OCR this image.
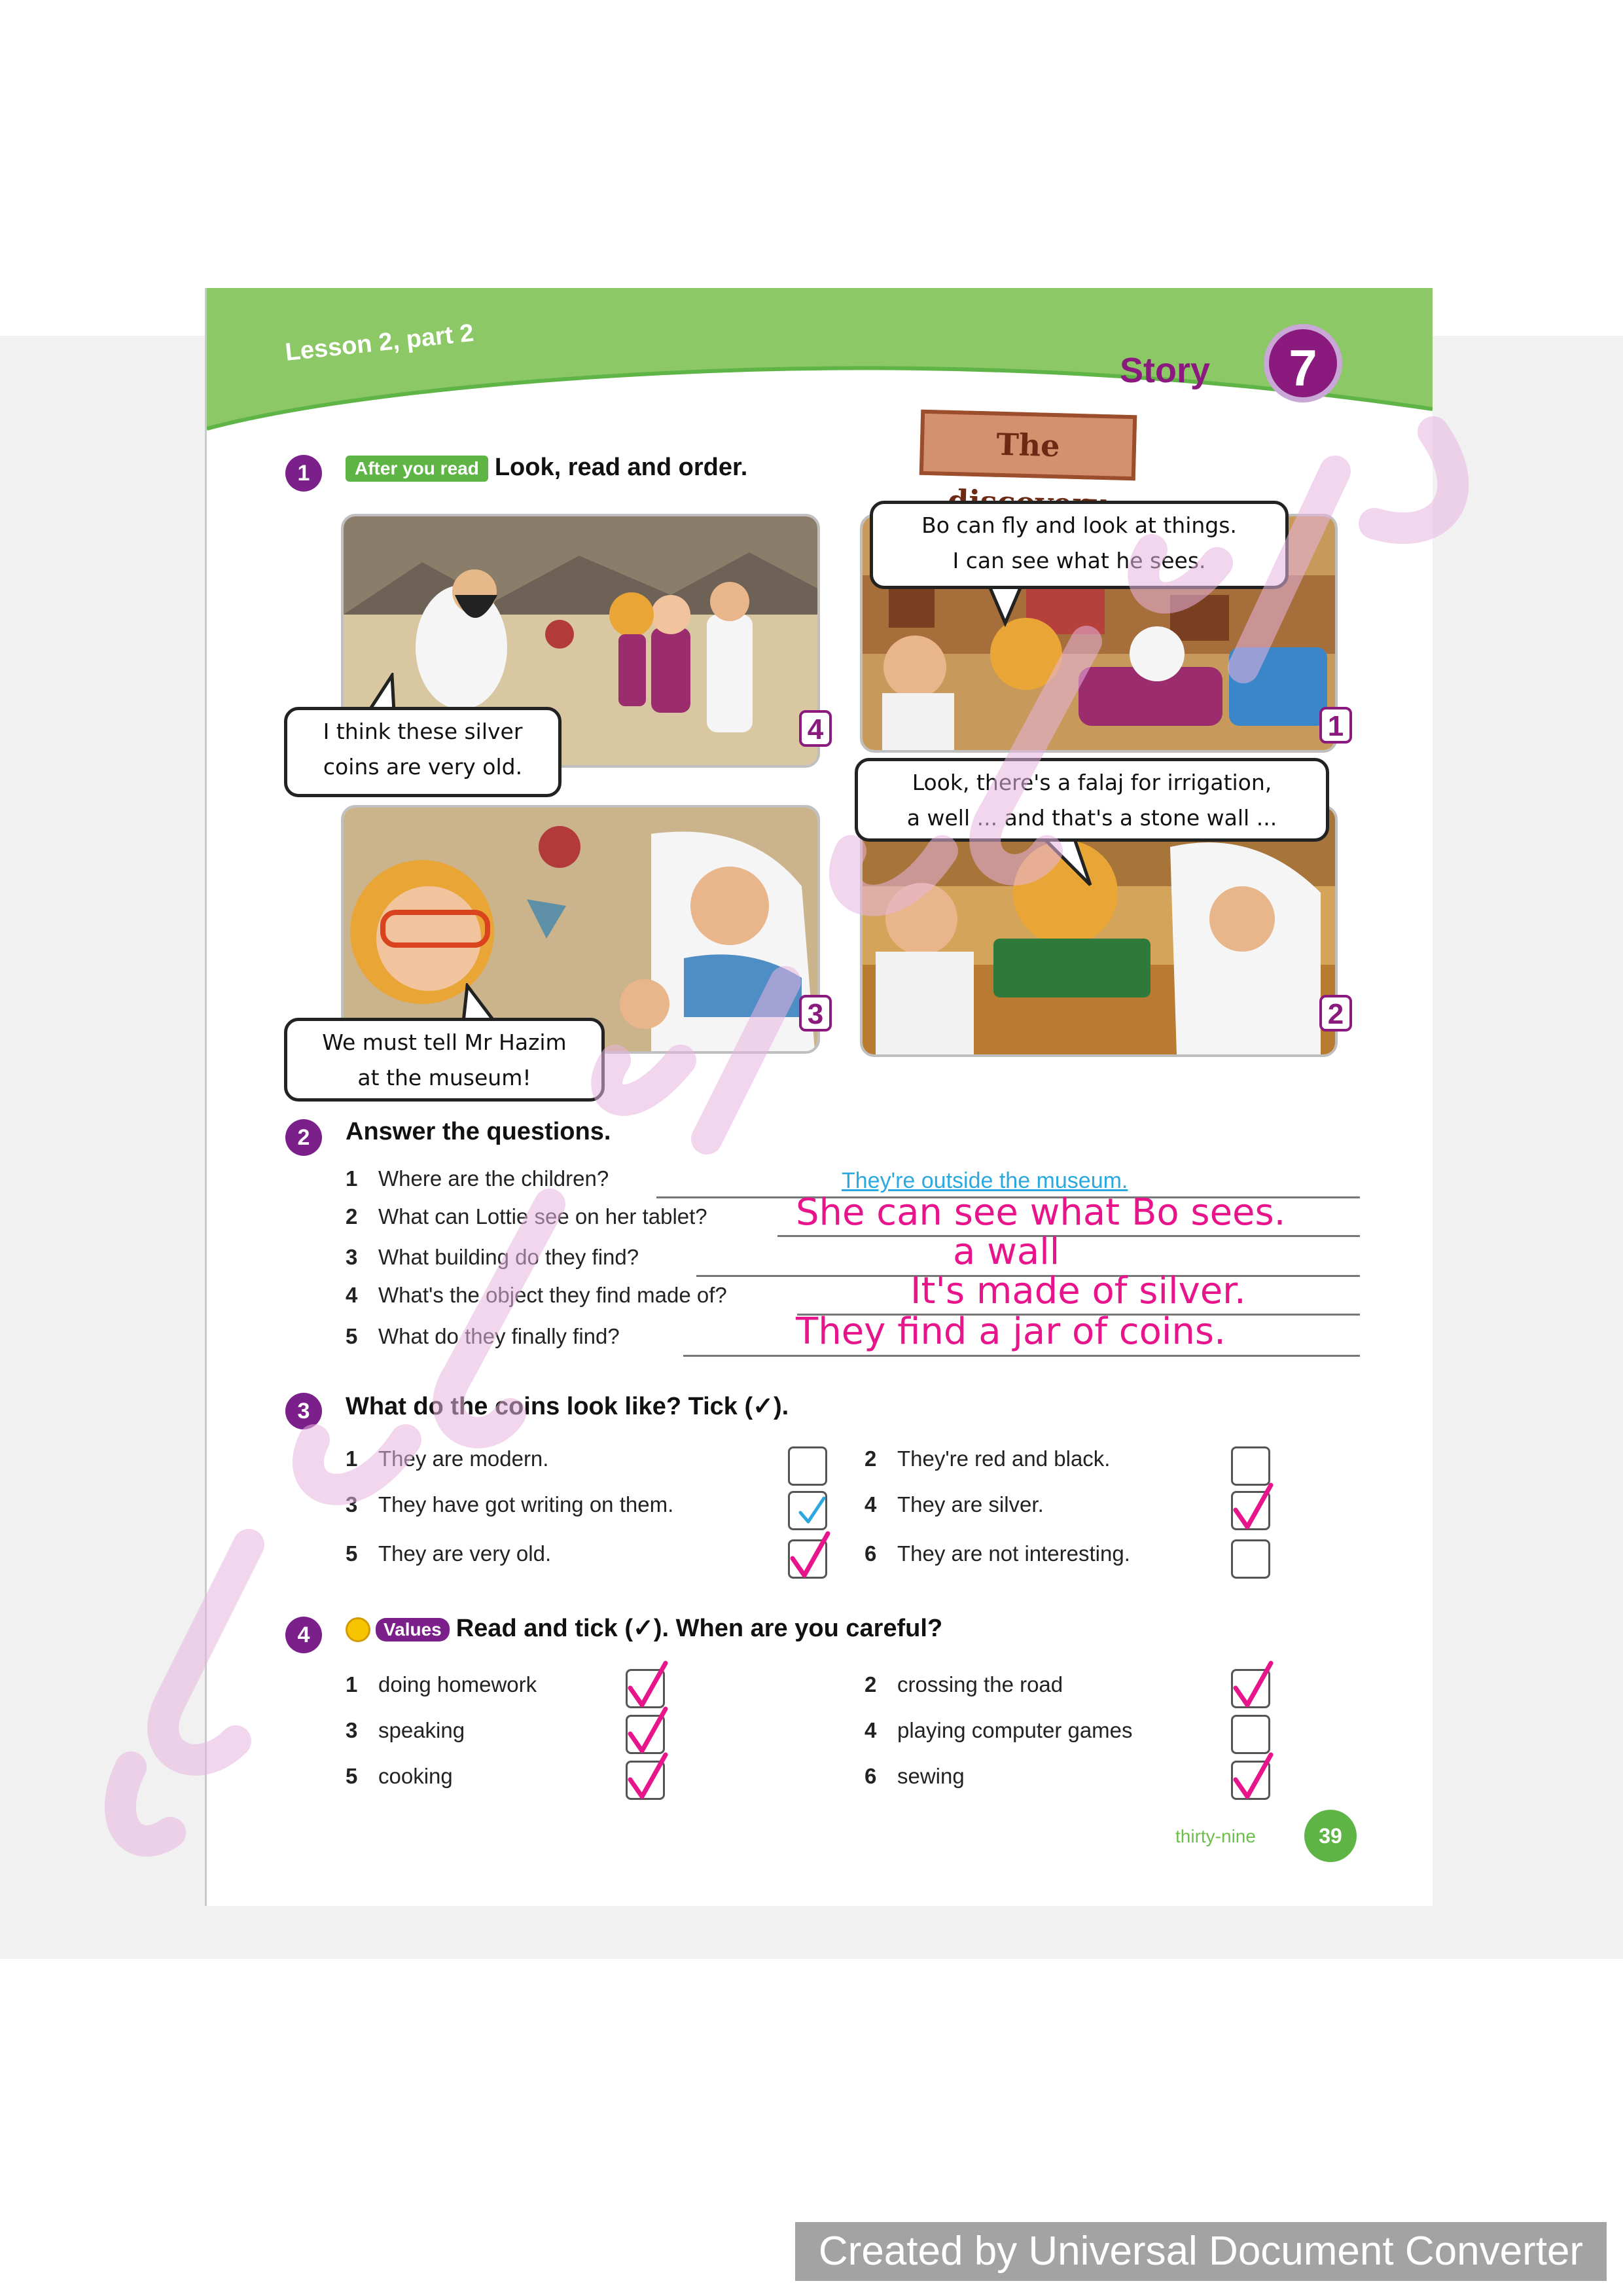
Lesson 2, part 2
Story	7
The
1	After you read Look, read and order.
4
I think these silver
coins are very old.
1
Bo can fly and look at things.
I can see what he sees.
3
We must tell Mr Hazim
at the museum!
2
Look, there's a falaj for irrigation,
a well ... and that's a stone wall ...
2	Answer the questions.
1 Where are the children?	They're outside the museum.
2 What can Lottie see on her tablet? She can see what Bo sees.
3 What building do they find?	a wall
4 What's the object they find made of?	It's made of silver.
5 What do they finally find?	They find a jar of coins.
3	What do the coins look like? Tick (✓).
1 They are modern.	2 They're red and black.
3 They have got writing on them.	4 They are silver.
5 They are very old.	6 They are not interesting.
4	Values Read and tick (✓). When are you careful?
1 doing homework	2 crossing the road
3 speaking	4 playing computer games
5 cooking	6 sewing
thirty-nine	39
Created by Universal Document Converter
